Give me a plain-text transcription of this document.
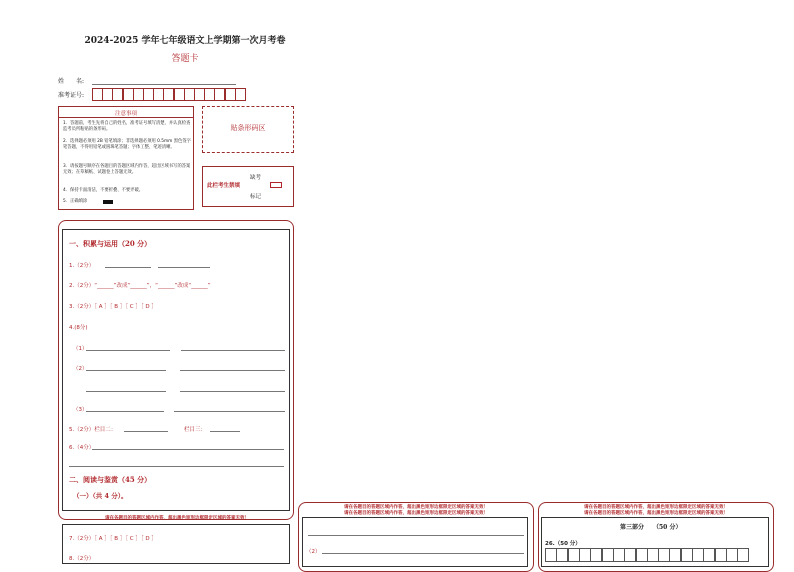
2024-2025 学年七年级语文上学期第一次月考卷
答题卡
姓　　名:
准考证号:
注意事项
1．答题前，考生先将自己的姓名，准考证号填写清楚，并认真检查监考员所粘贴的条形码。
2．选择题必须用 2B 铅笔填涂；非选择题必须用 0.5mm 黑色签字笔答题，不得用铅笔或圆珠笔答题；字体工整、笔迹清晰。
3．请按题号顺序在各题目的答题区域内作答，超出区域书写的答案无效；在草稿纸、试题卷上答题无效。
4．保持卡面清洁，不要折叠、不要弄破。
5．正确填涂
贴条形码区
缺考
此栏考生禁填
标记
一、积累与运用（20 分）
1.（2分）
2.（2分）“______”改成“______”，“______”改成“______”
3.（2分）［ A ］［ B ］［ C ］［ D ］
4.(8分)
（1）
（2）
（3）
5.（2分）栏目二：	栏目三：
6.（4分）
二、阅读与鉴赏（45 分）
（一）（共 4 分）。
请在各题目的答题区域内作答，超出黑色矩形边框限定区域的答案无效！
7.（2分）［ A ］［ B ］［ C ］［ D ］
8.（2分）
请在各题目的答题区域内作答，超出黑色矩形边框限定区域的答案无效！
请在各题目的答题区域内作答，超出黑色矩形边框限定区域的答案无效！
（2）
请在各题目的答题区域内作答，超出黑色矩形边框限定区域的答案无效！
请在各题目的答题区域内作答，超出黑色矩形边框限定区域的答案无效！
第三部分　　（50 分）
26.（50 分）
